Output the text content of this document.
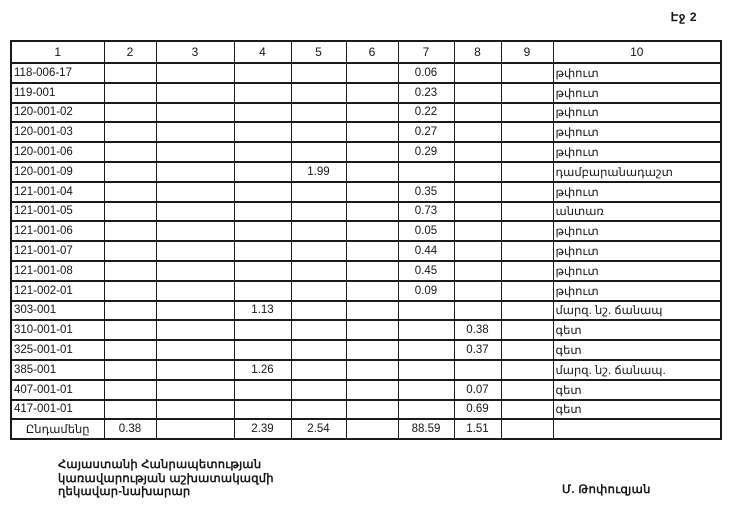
Էջ 2
1	2	3	4	5	6	7	8	9	10
118-006-17						0.06			թփուտ
119-001						0.23			թփուտ
120-001-02						0.22			թփուտ
120-001-03						0.27			թփուտ
120-001-06						0.29			թփուտ
120-001-09				1.99					դամբարանադաշտ
121-001-04						0.35			թփուտ
121-001-05						0.73			անտառ
121-001-06						0.05			թփուտ
121-001-07						0.44			թփուտ
121-001-08						0.45			թփուտ
121-002-01						0.09			թփուտ
303-001			1.13						մարզ. նշ. ճանապ
310-001-01							0.38		գետ
325-001-01							0.37		գետ
385-001			1.26						մարզ. նշ. ճանապ.
407-001-01							0.07		գետ
417-001-01							0.69		գետ
Ընդամենը	0.38		2.39	2.54		88.59	1.51		
Հայաստանի Հանրապետության
կառավարության աշխատակազմի
ղեկավար-նախարար	Մ. Թոփուզյան
